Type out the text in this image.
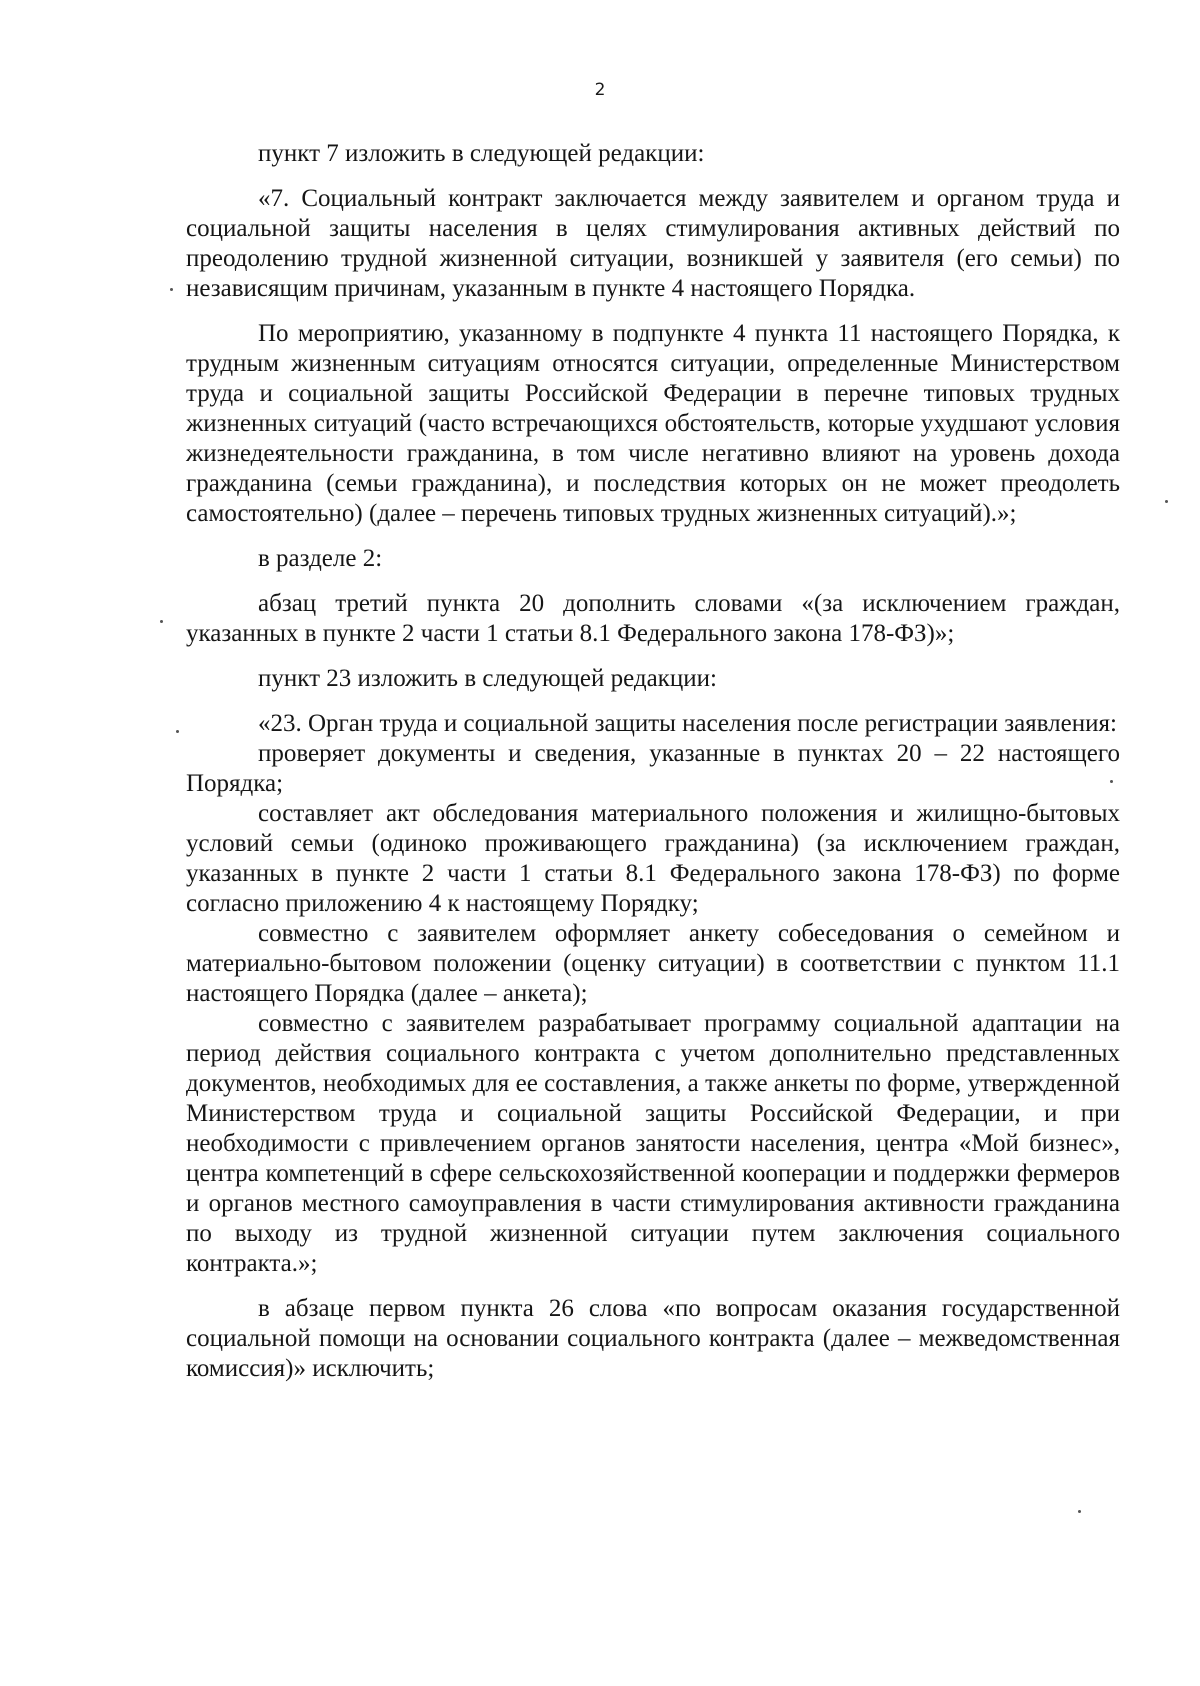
2

пункт 7 изложить в следующей редакции:

«7. Социальный контракт заключается между заявителем и органом труда и социальной защиты населения в целях стимулирования активных действий по преодолению трудной жизненной ситуации, возникшей у заявителя (его семьи) по независящим причинам, указанным в пункте 4 настоящего Порядка.

По мероприятию, указанному в подпункте 4 пункта 11 настоящего Порядка, к трудным жизненным ситуациям относятся ситуации, определенные Министерством труда и социальной защиты Российской Федерации в перечне типовых трудных жизненных ситуаций (часто встречающихся обстоятельств, которые ухудшают условия жизнедеятельности гражданина, в том числе негативно влияют на уровень дохода гражданина (семьи гражданина), и последствия которых он не может преодолеть самостоятельно) (далее – перечень типовых трудных жизненных ситуаций).»;

в разделе 2:

абзац третий пункта 20 дополнить словами «(за исключением граждан, указанных в пункте 2 части 1 статьи 8.1 Федерального закона 178-ФЗ)»;

пункт 23 изложить в следующей редакции:

«23. Орган труда и социальной защиты населения после регистрации заявления:

проверяет документы и сведения, указанные в пунктах 20 – 22 настоящего Порядка;

составляет акт обследования материального положения и жилищно-бытовых условий семьи (одиноко проживающего гражданина) (за исключением граждан, указанных в пункте 2 части 1 статьи 8.1 Федерального закона 178-ФЗ) по форме согласно приложению 4 к настоящему Порядку;

совместно с заявителем оформляет анкету собеседования о семейном и материально-бытовом положении (оценку ситуации) в соответствии с пунктом 11.1 настоящего Порядка (далее – анкета);

совместно с заявителем разрабатывает программу социальной адаптации на период действия социального контракта с учетом дополнительно представленных документов, необходимых для ее составления, а также анкеты по форме, утвержденной Министерством труда и социальной защиты Российской Федерации, и при необходимости с привлечением органов занятости населения, центра «Мой бизнес», центра компетенций в сфере сельскохозяйственной кооперации и поддержки фермеров и органов местного самоуправления в части стимулирования активности гражданина по выходу из трудной жизненной ситуации путем заключения социального контракта.»;

в абзаце первом пункта 26 слова «по вопросам оказания государственной социальной помощи на основании социального контракта (далее – межведомственная комиссия)» исключить;
